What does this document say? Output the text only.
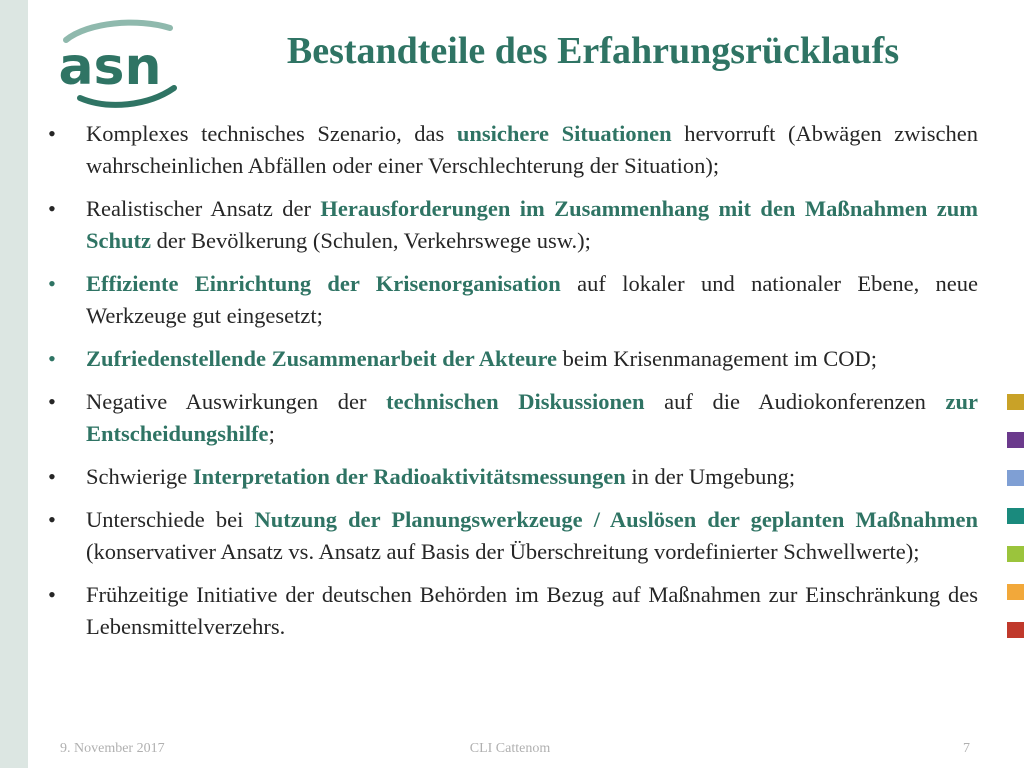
asn	Bestandteile des Erfahrungsrücklaufs
•	Komplexes technisches Szenario, das unsichere Situationen hervorruft (Abwägen zwischen wahrscheinlichen Abfällen oder einer Verschlechterung der Situation);
•	Realistischer Ansatz der Herausforderungen im Zusammenhang mit den Maßnahmen zum Schutz der Bevölkerung (Schulen, Verkehrswege usw.);
•	Effiziente Einrichtung der Krisenorganisation auf lokaler und nationaler Ebene, neue Werkzeuge gut eingesetzt;
•	Zufriedenstellende Zusammenarbeit der Akteure beim Krisenmanagement im COD;
•	Negative Auswirkungen der technischen Diskussionen auf die Audiokonferenzen zur Entscheidungshilfe;
•	Schwierige Interpretation der Radioaktivitätsmessungen in der Umgebung;
•	Unterschiede bei Nutzung der Planungswerkzeuge / Auslösen der geplanten Maßnahmen (konservativer Ansatz vs. Ansatz auf Basis der Überschreitung vordefinierter Schwellwerte);
•	Frühzeitige Initiative der deutschen Behörden im Bezug auf Maßnahmen zur Einschränkung des Lebensmittelverzehrs.
9. November 2017	CLI Cattenom	7
